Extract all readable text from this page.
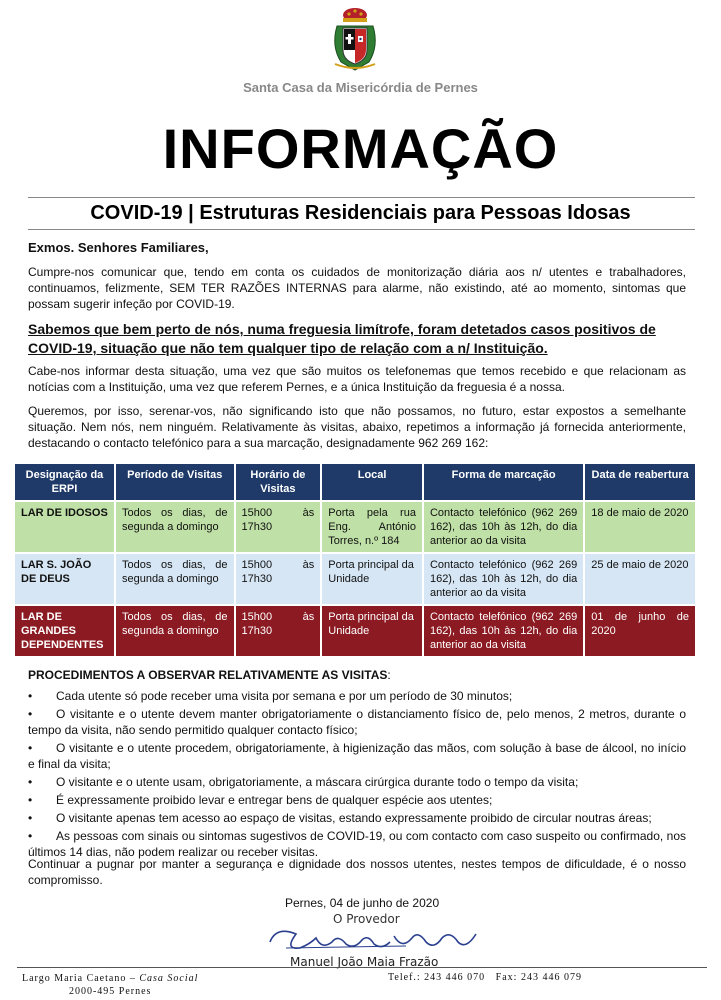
Santa Casa da Misericórdia de Pernes
INFORMAÇÃO
COVID-19 | Estruturas Residenciais para Pessoas Idosas
Exmos. Senhores Familiares,
Cumpre-nos comunicar que, tendo em conta os cuidados de monitorização diária aos n/ utentes e trabalhadores, continuamos, felizmente, SEM TER RAZÕES INTERNAS para alarme, não existindo, até ao momento, sintomas que possam sugerir infeção por COVID-19.
Sabemos que bem perto de nós, numa freguesia limítrofe, foram detetados casos positivos de COVID-19, situação que não tem qualquer tipo de relação com a n/ Instituição.
Cabe-nos informar desta situação, uma vez que são muitos os telefonemas que temos recebido e que relacionam as notícias com a Instituição, uma vez que referem Pernes, e a única Instituição da freguesia é a nossa.
Queremos, por isso, serenar-vos, não significando isto que não possamos, no futuro, estar expostos a semelhante situação. Nem nós, nem ninguém. Relativamente às visitas, abaixo, repetimos a informação já fornecida anteriormente, destacando o contacto telefónico para a sua marcação, designadamente 962 269 162:
Designação da ERPI	Período de Visitas	Horário de Visitas	Local	Forma de marcação	Data de reabertura
LAR DE IDOSOS	Todos os dias, de segunda a domingo	15h00 às 17h30	Porta pela rua Eng. António Torres, n.º 184	Contacto telefónico (962 269 162), das 10h às 12h, do dia anterior ao da visita	18 de maio de 2020
LAR S. JOÃO DE DEUS	Todos os dias, de segunda a domingo	15h00 às 17h30	Porta principal da Unidade	Contacto telefónico (962 269 162), das 10h às 12h, do dia anterior ao da visita	25 de maio de 2020
LAR DE GRANDES DEPENDENTES	Todos os dias, de segunda a domingo	15h00 às 17h30	Porta principal da Unidade	Contacto telefónico (962 269 162), das 10h às 12h, do dia anterior ao da visita	01 de junho de 2020
PROCEDIMENTOS A OBSERVAR RELATIVAMENTE AS VISITAS:
• Cada utente só pode receber uma visita por semana e por um período de 30 minutos;
• O visitante e o utente devem manter obrigatoriamente o distanciamento físico de, pelo menos, 2 metros, durante o tempo da visita, não sendo permitido qualquer contacto físico;
• O visitante e o utente procedem, obrigatoriamente, à higienização das mãos, com solução à base de álcool, no início e final da visita;
• O visitante e o utente usam, obrigatoriamente, a máscara cirúrgica durante todo o tempo da visita;
• É expressamente proibido levar e entregar bens de qualquer espécie aos utentes;
• O visitante apenas tem acesso ao espaço de visitas, estando expressamente proibido de circular noutras áreas;
• As pessoas com sinais ou sintomas sugestivos de COVID-19, ou com contacto com caso suspeito ou confirmado, nos últimos 14 dias, não podem realizar ou receber visitas.
Continuar a pugnar por manter a segurança e dignidade dos nossos utentes, nestes tempos de dificuldade, é o nosso compromisso.
Pernes, 04 de junho de 2020
O Provedor
Manuel João Maia Frazão
Largo Maria Caetano – Casa Social
2000-495 Pernes
Telef.: 243 446 070   Fax: 243 446 079
